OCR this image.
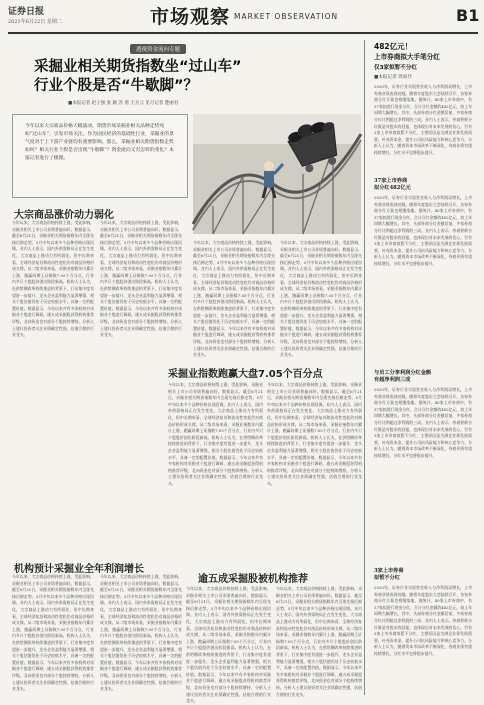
证券日报
2021年6月22日 星期二	市场观察 MARKET OBSERVATION	B1
透视资金流向专题
采掘业相关期货指数坐“过山车”
行业个股是否“牛歇脚”？
■本报记者 赵子强 张 颖 苏 倩 王方云 见习记者 楚丽君
今年以来大宗商品价格大幅波动，期货市场采掘业相关品种走势宛如“过山车”，引发市场关注。作为国民经济的基础性行业，采掘业的景气度对于上下游产业链均有重要影响。那么，采掘业相关期货指数走势如何？相关行业个股是否出现“牛歇脚”？资金流向又有怎样的变化？本报记者进行了梳理。
大宗商品涨价动力弱化
今年以来，大宗商品价格持续上涨，受此影响，采掘业相关上市公司业绩普遍向好。数据显示，截至6月21日，采掘业相关期货指数年内呈现先扬后抑走势，5月中旬以来多个品种价格出现回调。业内人士表示，国内外供需格局正在发生变化，大宗商品上涨动力有所弱化，但中长期来看，全球经济复苏和流动性宽松仍对商品价格形成支撑。从二级市场来看，采掘业指数年内累计上涨，跑赢同期上证指数7.05个百分点，行业内多只个股股价创出阶段新高。机构人士认为，在供给侧改革持续推进的背景下，行业集中度有望进一步提升，龙头企业盈利能力显著增强，相关个股估值仍处于历史较低水平，具备一定的配置价值。数据显示，今年以来共有多家机构对采掘业个股进行调研，逾五成采掘股获得机构推荐评级，北向资金也对部分个股持续增持。分析人士建议投资者关注业绩确定性强、估值合理的行业龙头。
今年以来，大宗商品价格持续上涨，受此影响，采掘业相关上市公司业绩普遍向好。数据显示，截至6月21日，采掘业相关期货指数年内呈现先扬后抑走势，5月中旬以来多个品种价格出现回调。业内人士表示，国内外供需格局正在发生变化，大宗商品上涨动力有所弱化，但中长期来看，全球经济复苏和流动性宽松仍对商品价格形成支撑。从二级市场来看，采掘业指数年内累计上涨，跑赢同期上证指数7.05个百分点，行业内多只个股股价创出阶段新高。机构人士认为，在供给侧改革持续推进的背景下，行业集中度有望进一步提升，龙头企业盈利能力显著增强，相关个股估值仍处于历史较低水平，具备一定的配置价值。数据显示，今年以来共有多家机构对采掘业个股进行调研，逾五成采掘股获得机构推荐评级，北向资金也对部分个股持续增持。分析人士建议投资者关注业绩确定性强、估值合理的行业龙头。
今年以来，大宗商品价格持续上涨，受此影响，采掘业相关上市公司业绩普遍向好。数据显示，截至6月21日，采掘业相关期货指数年内呈现先扬后抑走势，5月中旬以来多个品种价格出现回调。业内人士表示，国内外供需格局正在发生变化，大宗商品上涨动力有所弱化，但中长期来看，全球经济复苏和流动性宽松仍对商品价格形成支撑。从二级市场来看，采掘业指数年内累计上涨，跑赢同期上证指数7.05个百分点，行业内多只个股股价创出阶段新高。机构人士认为，在供给侧改革持续推进的背景下，行业集中度有望进一步提升，龙头企业盈利能力显著增强，相关个股估值仍处于历史较低水平，具备一定的配置价值。数据显示，今年以来共有多家机构对采掘业个股进行调研，逾五成采掘股获得机构推荐评级，北向资金也对部分个股持续增持。分析人士建议投资者关注业绩确定性强、估值合理的行业龙头。
今年以来，大宗商品价格持续上涨，受此影响，采掘业相关上市公司业绩普遍向好。数据显示，截至6月21日，采掘业相关期货指数年内呈现先扬后抑走势，5月中旬以来多个品种价格出现回调。业内人士表示，国内外供需格局正在发生变化，大宗商品上涨动力有所弱化，但中长期来看，全球经济复苏和流动性宽松仍对商品价格形成支撑。从二级市场来看，采掘业指数年内累计上涨，跑赢同期上证指数7.05个百分点，行业内多只个股股价创出阶段新高。机构人士认为，在供给侧改革持续推进的背景下，行业集中度有望进一步提升，龙头企业盈利能力显著增强，相关个股估值仍处于历史较低水平，具备一定的配置价值。数据显示，今年以来共有多家机构对采掘业个股进行调研，逾五成采掘股获得机构推荐评级，北向资金也对部分个股持续增持。分析人士建议投资者关注业绩确定性强、估值合理的行业龙头。
采掘业指数跑赢大盘7.05个百分点
今年以来，大宗商品价格持续上涨，受此影响，采掘业相关上市公司业绩普遍向好。数据显示，截至6月21日，采掘业相关期货指数年内呈现先扬后抑走势，5月中旬以来多个品种价格出现回调。业内人士表示，国内外供需格局正在发生变化，大宗商品上涨动力有所弱化，但中长期来看，全球经济复苏和流动性宽松仍对商品价格形成支撑。从二级市场来看，采掘业指数年内累计上涨，跑赢同期上证指数7.05个百分点，行业内多只个股股价创出阶段新高。机构人士认为，在供给侧改革持续推进的背景下，行业集中度有望进一步提升，龙头企业盈利能力显著增强，相关个股估值仍处于历史较低水平，具备一定的配置价值。数据显示，今年以来共有多家机构对采掘业个股进行调研，逾五成采掘股获得机构推荐评级，北向资金也对部分个股持续增持。分析人士建议投资者关注业绩确定性强、估值合理的行业龙头。
今年以来，大宗商品价格持续上涨，受此影响，采掘业相关上市公司业绩普遍向好。数据显示，截至6月21日，采掘业相关期货指数年内呈现先扬后抑走势，5月中旬以来多个品种价格出现回调。业内人士表示，国内外供需格局正在发生变化，大宗商品上涨动力有所弱化，但中长期来看，全球经济复苏和流动性宽松仍对商品价格形成支撑。从二级市场来看，采掘业指数年内累计上涨，跑赢同期上证指数7.05个百分点，行业内多只个股股价创出阶段新高。机构人士认为，在供给侧改革持续推进的背景下，行业集中度有望进一步提升，龙头企业盈利能力显著增强，相关个股估值仍处于历史较低水平，具备一定的配置价值。数据显示，今年以来共有多家机构对采掘业个股进行调研，逾五成采掘股获得机构推荐评级，北向资金也对部分个股持续增持。分析人士建议投资者关注业绩确定性强、估值合理的行业龙头。
机构预计采掘业全年利润增长
今年以来，大宗商品价格持续上涨，受此影响，采掘业相关上市公司业绩普遍向好。数据显示，截至6月21日，采掘业相关期货指数年内呈现先扬后抑走势，5月中旬以来多个品种价格出现回调。业内人士表示，国内外供需格局正在发生变化，大宗商品上涨动力有所弱化，但中长期来看，全球经济复苏和流动性宽松仍对商品价格形成支撑。从二级市场来看，采掘业指数年内累计上涨，跑赢同期上证指数7.05个百分点，行业内多只个股股价创出阶段新高。机构人士认为，在供给侧改革持续推进的背景下，行业集中度有望进一步提升，龙头企业盈利能力显著增强，相关个股估值仍处于历史较低水平，具备一定的配置价值。数据显示，今年以来共有多家机构对采掘业个股进行调研，逾五成采掘股获得机构推荐评级，北向资金也对部分个股持续增持。分析人士建议投资者关注业绩确定性强、估值合理的行业龙头。
今年以来，大宗商品价格持续上涨，受此影响，采掘业相关上市公司业绩普遍向好。数据显示，截至6月21日，采掘业相关期货指数年内呈现先扬后抑走势，5月中旬以来多个品种价格出现回调。业内人士表示，国内外供需格局正在发生变化，大宗商品上涨动力有所弱化，但中长期来看，全球经济复苏和流动性宽松仍对商品价格形成支撑。从二级市场来看，采掘业指数年内累计上涨，跑赢同期上证指数7.05个百分点，行业内多只个股股价创出阶段新高。机构人士认为，在供给侧改革持续推进的背景下，行业集中度有望进一步提升，龙头企业盈利能力显著增强，相关个股估值仍处于历史较低水平，具备一定的配置价值。数据显示，今年以来共有多家机构对采掘业个股进行调研，逾五成采掘股获得机构推荐评级，北向资金也对部分个股持续增持。分析人士建议投资者关注业绩确定性强、估值合理的行业龙头。
逾五成采掘股被机构推荐
今年以来，大宗商品价格持续上涨，受此影响，采掘业相关上市公司业绩普遍向好。数据显示，截至6月21日，采掘业相关期货指数年内呈现先扬后抑走势，5月中旬以来多个品种价格出现回调。业内人士表示，国内外供需格局正在发生变化，大宗商品上涨动力有所弱化，但中长期来看，全球经济复苏和流动性宽松仍对商品价格形成支撑。从二级市场来看，采掘业指数年内累计上涨，跑赢同期上证指数7.05个百分点，行业内多只个股股价创出阶段新高。机构人士认为，在供给侧改革持续推进的背景下，行业集中度有望进一步提升，龙头企业盈利能力显著增强，相关个股估值仍处于历史较低水平，具备一定的配置价值。数据显示，今年以来共有多家机构对采掘业个股进行调研，逾五成采掘股获得机构推荐评级，北向资金也对部分个股持续增持。分析人士建议投资者关注业绩确定性强、估值合理的行业龙头。
今年以来，大宗商品价格持续上涨，受此影响，采掘业相关上市公司业绩普遍向好。数据显示，截至6月21日，采掘业相关期货指数年内呈现先扬后抑走势，5月中旬以来多个品种价格出现回调。业内人士表示，国内外供需格局正在发生变化，大宗商品上涨动力有所弱化，但中长期来看，全球经济复苏和流动性宽松仍对商品价格形成支撑。从二级市场来看，采掘业指数年内累计上涨，跑赢同期上证指数7.05个百分点，行业内多只个股股价创出阶段新高。机构人士认为，在供给侧改革持续推进的背景下，行业集中度有望进一步提升，龙头企业盈利能力显著增强，相关个股估值仍处于历史较低水平，具备一定的配置价值。数据显示，今年以来共有多家机构对采掘业个股进行调研，逾五成采掘股获得机构推荐评级，北向资金也对部分个股持续增持。分析人士建议投资者关注业绩确定性强、估值合理的行业龙头。
482亿元！
上市券商拟大手笔分红
仅3家拟暂不分红
■本报记者 周尚伃
2020年，证券行业实现营业收入与净利润双增长，上市券商业绩表现亮眼。随着年度股东大会陆续召开，各家券商分红方案也相继落地。据统计，40家上市券商中，有37家拟进行现金分红，合计分红金额约482亿元，较上年同期大幅增长。其中，头部券商分红金额居前，多家券商分红比例超过净利润的三成。业内人士表示，券商积极分红既是对股东的回报，也体现出对未来发展的信心。另有3家上市券商拟暂不分红，主要原因是为满足业务发展需要，补充资本金，提升公司抗风险能力和核心竞争力。分析人士认为，随着资本市场改革不断深化，券商业绩有望持续增长，分红水平也将稳步提升。
37家上市券商
拟分红482亿元
2020年，证券行业实现营业收入与净利润双增长，上市券商业绩表现亮眼。随着年度股东大会陆续召开，各家券商分红方案也相继落地。据统计，40家上市券商中，有37家拟进行现金分红，合计分红金额约482亿元，较上年同期大幅增长。其中，头部券商分红金额居前，多家券商分红比例超过净利润的三成。业内人士表示，券商积极分红既是对股东的回报，也体现出对未来发展的信心。另有3家上市券商拟暂不分红，主要原因是为满足业务发展需要，补充资本金，提升公司抗风险能力和核心竞争力。分析人士认为，随着资本市场改革不断深化，券商业绩有望持续增长，分红水平也将稳步提升。
与员工分享利润分红金额
有超净利润三成
2020年，证券行业实现营业收入与净利润双增长，上市券商业绩表现亮眼。随着年度股东大会陆续召开，各家券商分红方案也相继落地。据统计，40家上市券商中，有37家拟进行现金分红，合计分红金额约482亿元，较上年同期大幅增长。其中，头部券商分红金额居前，多家券商分红比例超过净利润的三成。业内人士表示，券商积极分红既是对股东的回报，也体现出对未来发展的信心。另有3家上市券商拟暂不分红，主要原因是为满足业务发展需要，补充资本金，提升公司抗风险能力和核心竞争力。分析人士认为，随着资本市场改革不断深化，券商业绩有望持续增长，分红水平也将稳步提升。
3家上市券商
拟暂不分红
2020年，证券行业实现营业收入与净利润双增长，上市券商业绩表现亮眼。随着年度股东大会陆续召开，各家券商分红方案也相继落地。据统计，40家上市券商中，有37家拟进行现金分红，合计分红金额约482亿元，较上年同期大幅增长。其中，头部券商分红金额居前，多家券商分红比例超过净利润的三成。业内人士表示，券商积极分红既是对股东的回报，也体现出对未来发展的信心。另有3家上市券商拟暂不分红，主要原因是为满足业务发展需要，补充资本金，提升公司抗风险能力和核心竞争力。分析人士认为，随着资本市场改革不断深化，券商业绩有望持续增长，分红水平也将稳步提升。
